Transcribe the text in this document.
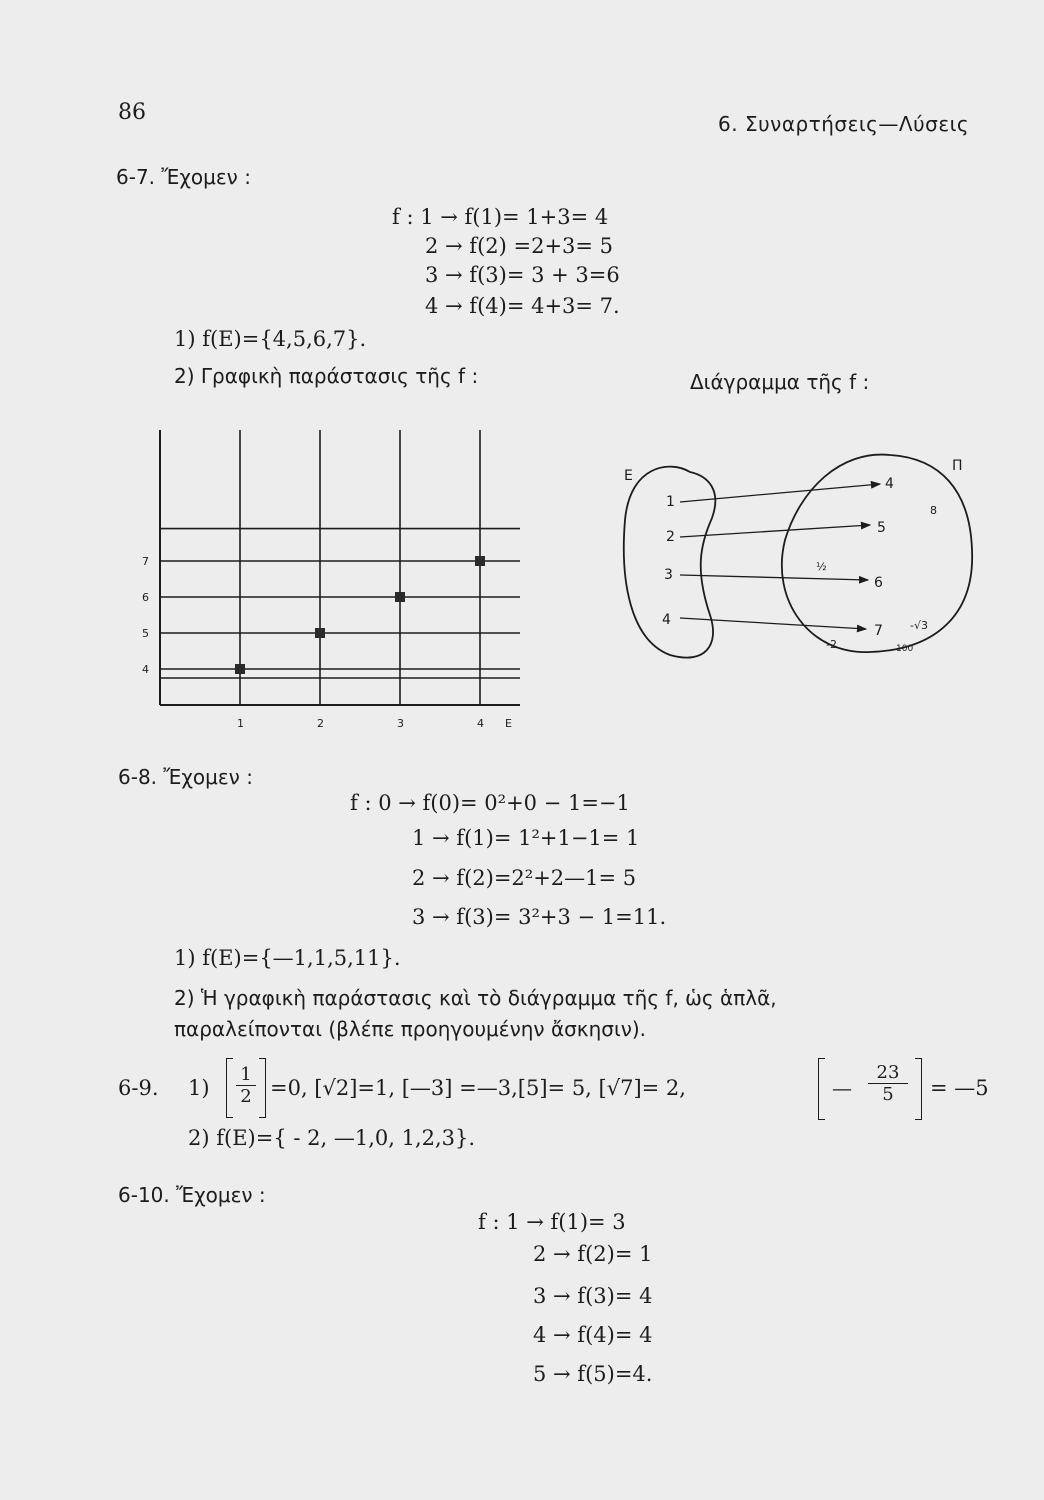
86	6. Συναρτήσεις—Λύσεις
6-7. Ἔχομεν :
f : 1 → f(1)= 1+3= 4
2 → f(2) =2+3= 5
3 → f(3)= 3 + 3=6
4 → f(4)= 4+3= 7.
1) f(E)={4,5,6,7}.
2) Γραφικὴ παράστασις τῆς f :	Διάγραμμα τῆς f :
4
5
6
7
1	2	3	4 E
E
Π
1
2
3
4
4
5
6
7
8
½
-√3
-2	100
6-8. Ἔχομεν :
f : 0 → f(0)= 0²+0 − 1=−1
1 → f(1)= 1²+1−1= 1
2 → f(2)=2²+2—1= 5
3 → f(3)= 3²+3 − 1=11.
1) f(E)={—1,1,5,11}.
2) Ἡ γραφικὴ παράστασις καὶ τὸ διάγραμμα τῆς f, ὡς ἁπλᾶ,
παραλείπονται (βλέπε προηγουμένην ἄσκησιν).
6-9. $1) \frac{1}{2} =0$, [√2]=1, [—3] =—3,[5]= 5, [√7]= 2,	— $\frac{23}{5}$ = —5
2) f(E)={ - 2, —1,0, 1,2,3}.
6-10. Ἔχομεν :
f : 1 → f(1)= 3
2 → f(2)= 1
3 → f(3)= 4
4 → f(4)= 4
5 → f(5)=4.
